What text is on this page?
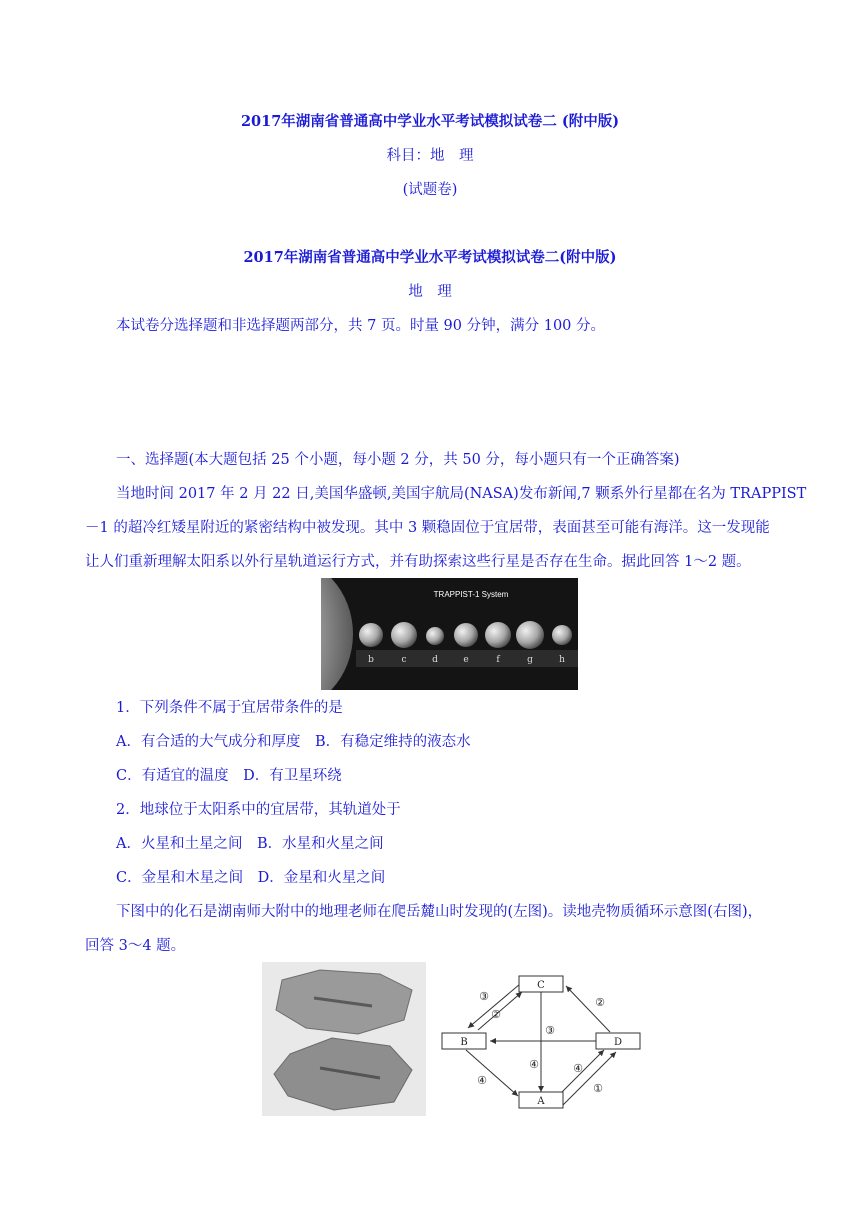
2017年湖南省普通高中学业水平考试模拟试卷二 (附中版)
科目：地　理
(试题卷)
2017年湖南省普通高中学业水平考试模拟试卷二(附中版)
地　理
本试卷分选择题和非选择题两部分，共 7 页。时量 90 分钟，满分 100 分。
一、选择题(本大题包括 25 个小题，每小题 2 分，共 50 分，每小题只有一个正确答案)
当地时间 2017 年 2 月 22 日,美国华盛顿,美国宇航局(NASA)发布新闻,7 颗系外行星都在名为 TRAPPIST
－1 的超冷红矮星附近的紧密结构中被发现。其中 3 颗稳固位于宜居带，表面甚至可能有海洋。这一发现能
让人们重新理解太阳系以外行星轨道运行方式，并有助探索这些行星是否存在生命。据此回答 1～2 题。
TRAPPIST-1 System
b	c	d	e	f	g	h
1．下列条件不属于宜居带条件的是
A．有合适的大气成分和厚度　B．有稳定维持的液态水
C．有适宜的温度　D．有卫星环绕
2．地球位于太阳系中的宜居带，其轨道处于
A．火星和土星之间　B．水星和火星之间
C．金星和木星之间　D．金星和火星之间
下图中的化石是湖南师大附中的地理老师在爬岳麓山时发现的(左图)。读地壳物质循环示意图(右图)，
回答 3～4 题。
C
B	D
A
③
②
②
③
④
④
①
④
